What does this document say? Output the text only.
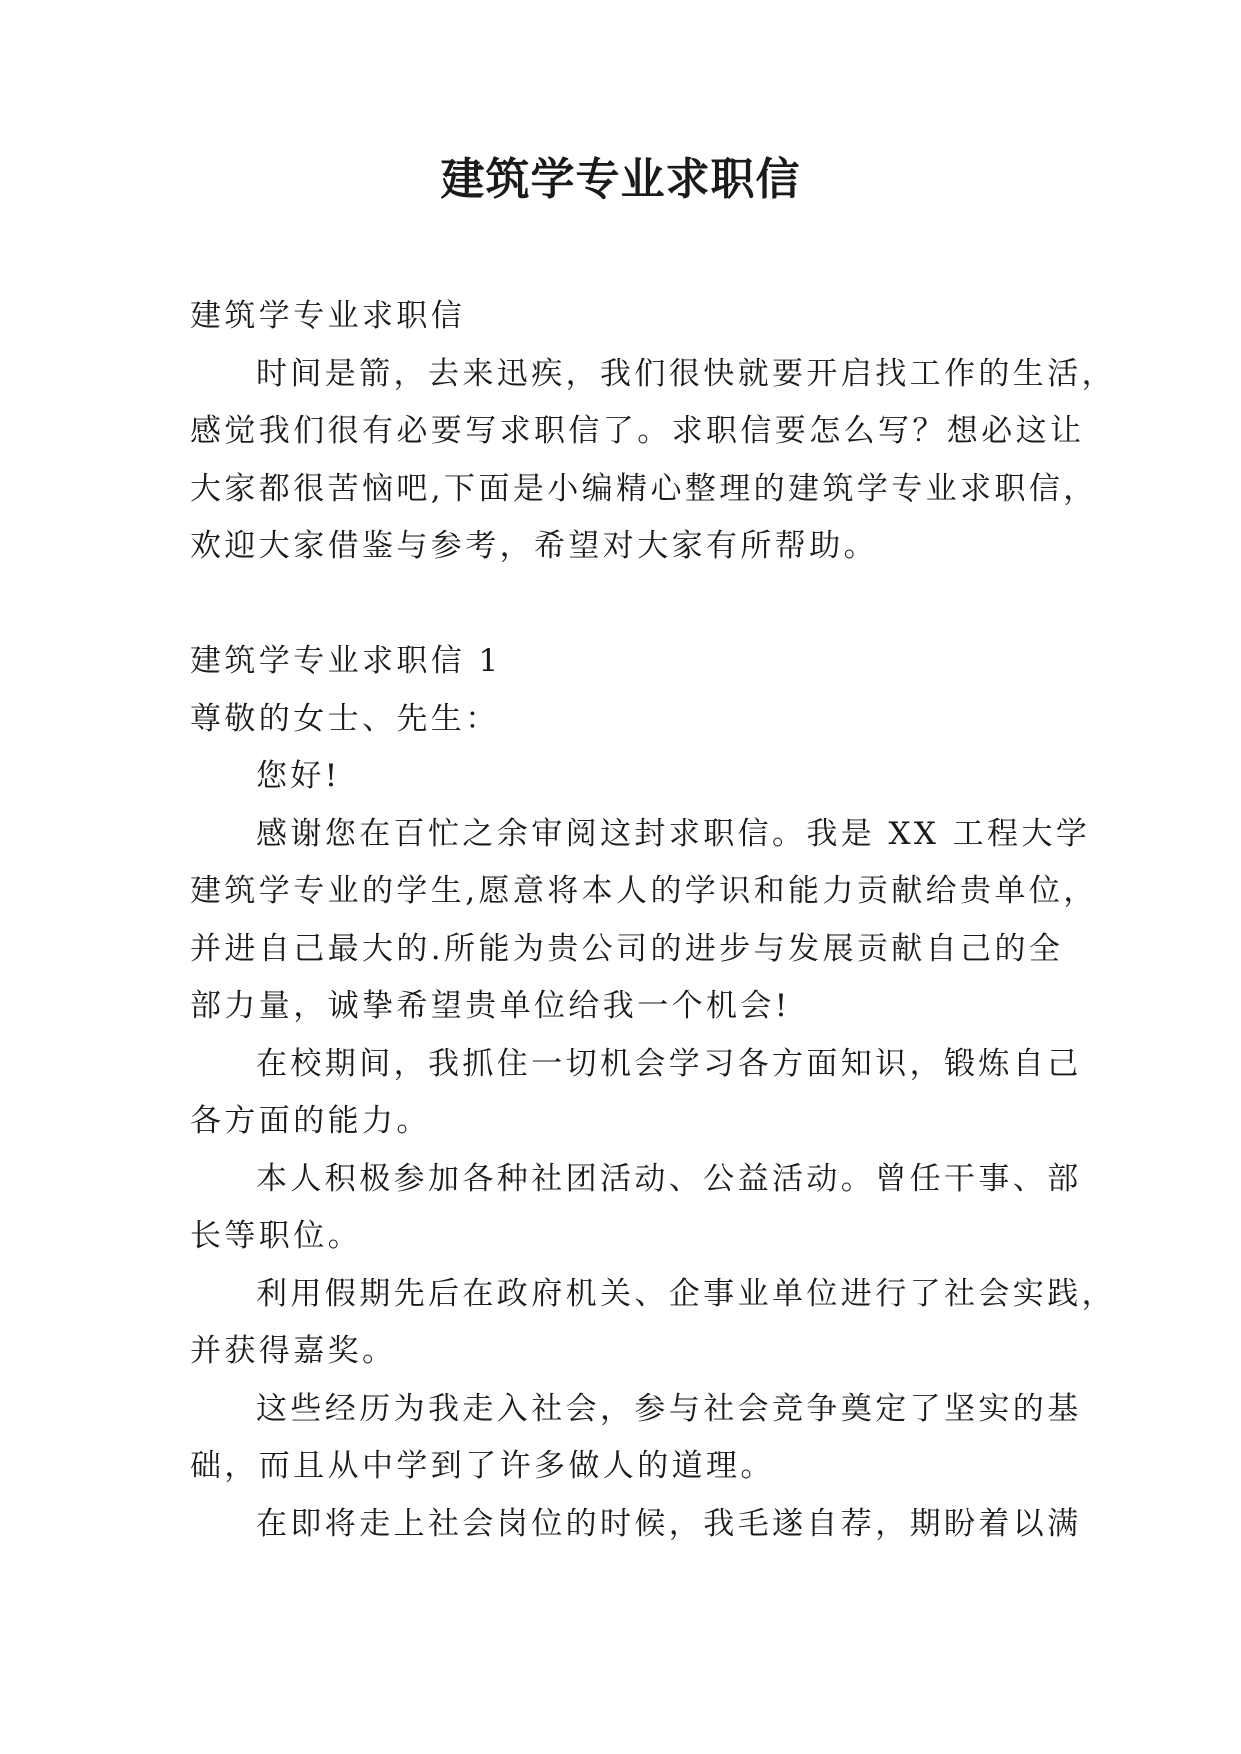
建筑学专业求职信
建筑学专业求职信
时间是箭，去来迅疾，我们很快就要开启找工作的生活，
感觉我们很有必要写求职信了。求职信要怎么写？想必这让
大家都很苦恼吧,下面是小编精心整理的建筑学专业求职信，
欢迎大家借鉴与参考，希望对大家有所帮助。
建筑学专业求职信 1
尊敬的女士、先生：
您好!
感谢您在百忙之余审阅这封求职信。我是 XX 工程大学
建筑学专业的学生,愿意将本人的学识和能力贡献给贵单位，
并进自己最大的.所能为贵公司的进步与发展贡献自己的全
部力量，诚挚希望贵单位给我一个机会!
在校期间，我抓住一切机会学习各方面知识，锻炼自己
各方面的能力。
本人积极参加各种社团活动、公益活动。曾任干事、部
长等职位。
利用假期先后在政府机关、企事业单位进行了社会实践，
并获得嘉奖。
这些经历为我走入社会，参与社会竞争奠定了坚实的基
础，而且从中学到了许多做人的道理。
在即将走上社会岗位的时候，我毛遂自荐，期盼着以满
